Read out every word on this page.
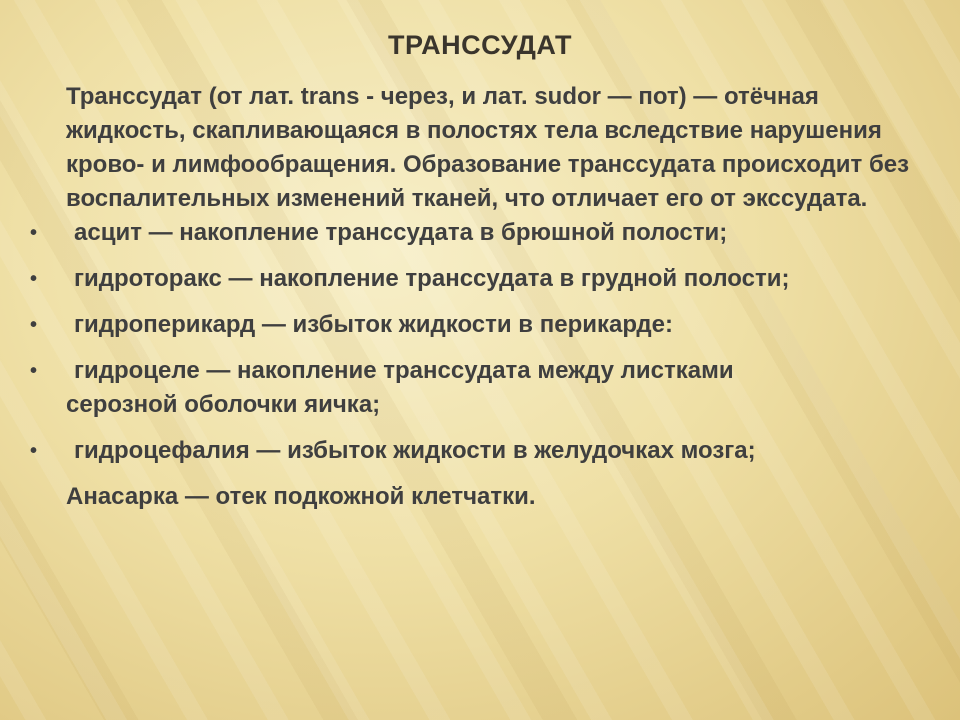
ТРАНССУДАТ

Транссудат (от лат. trans - через, и лат. sudor — пот) — отёчная жидкость, скапливающаяся в полостях тела вследствие нарушения крово- и лимфообращения. Образование транссудата происходит без воспалительных изменений тканей, что отличает его от экссудата.

•	асцит — накопление транссудата в брюшной полости;
•	гидроторакс — накопление транссудата в грудной полости;
•	гидроперикард — избыток жидкости в перикарде:
•	гидроцеле — накопление транссудата между листками
серозной оболочки яичка;
•	гидроцефалия — избыток жидкости в желудочках мозга;

Анасарка — отек подкожной клетчатки.
